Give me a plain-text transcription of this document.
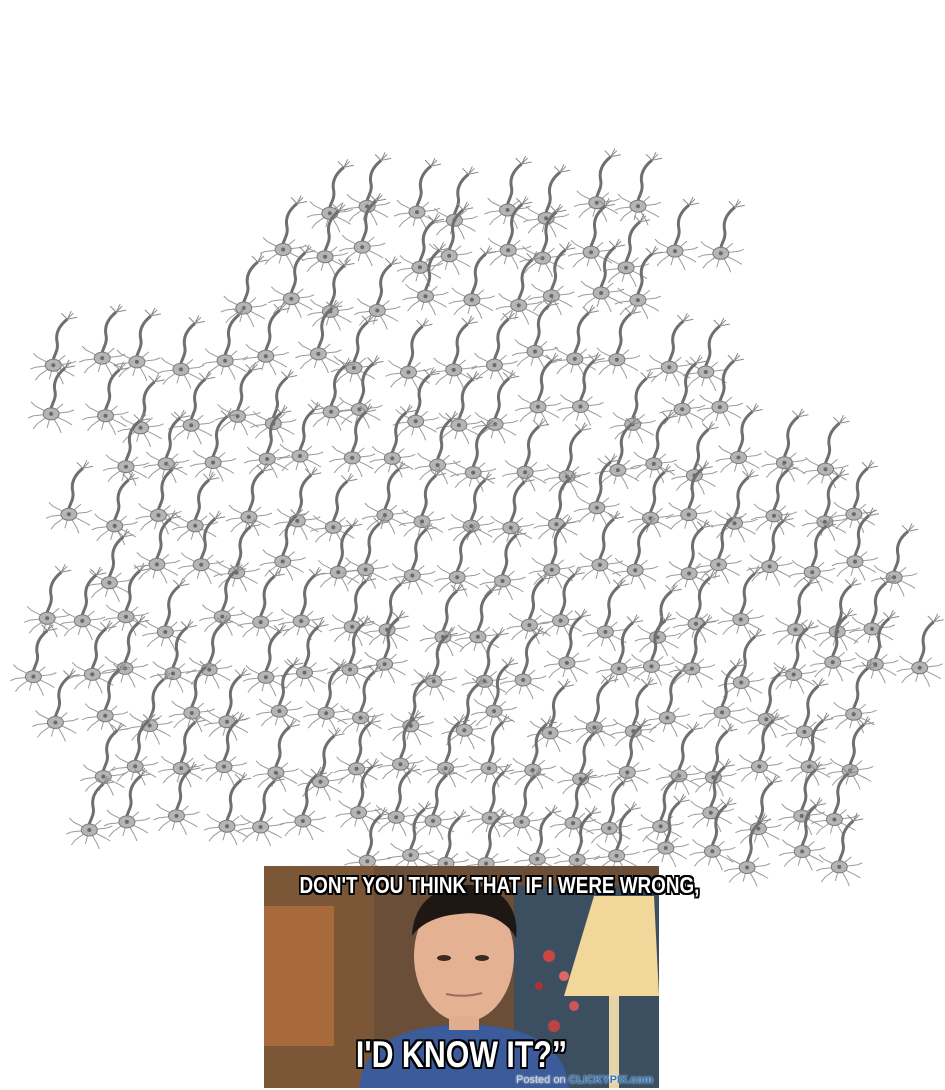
DON'T YOU THINK THAT IF I WERE WRONG,
I'D KNOW IT?”
Posted on CLICKYPIX.com
